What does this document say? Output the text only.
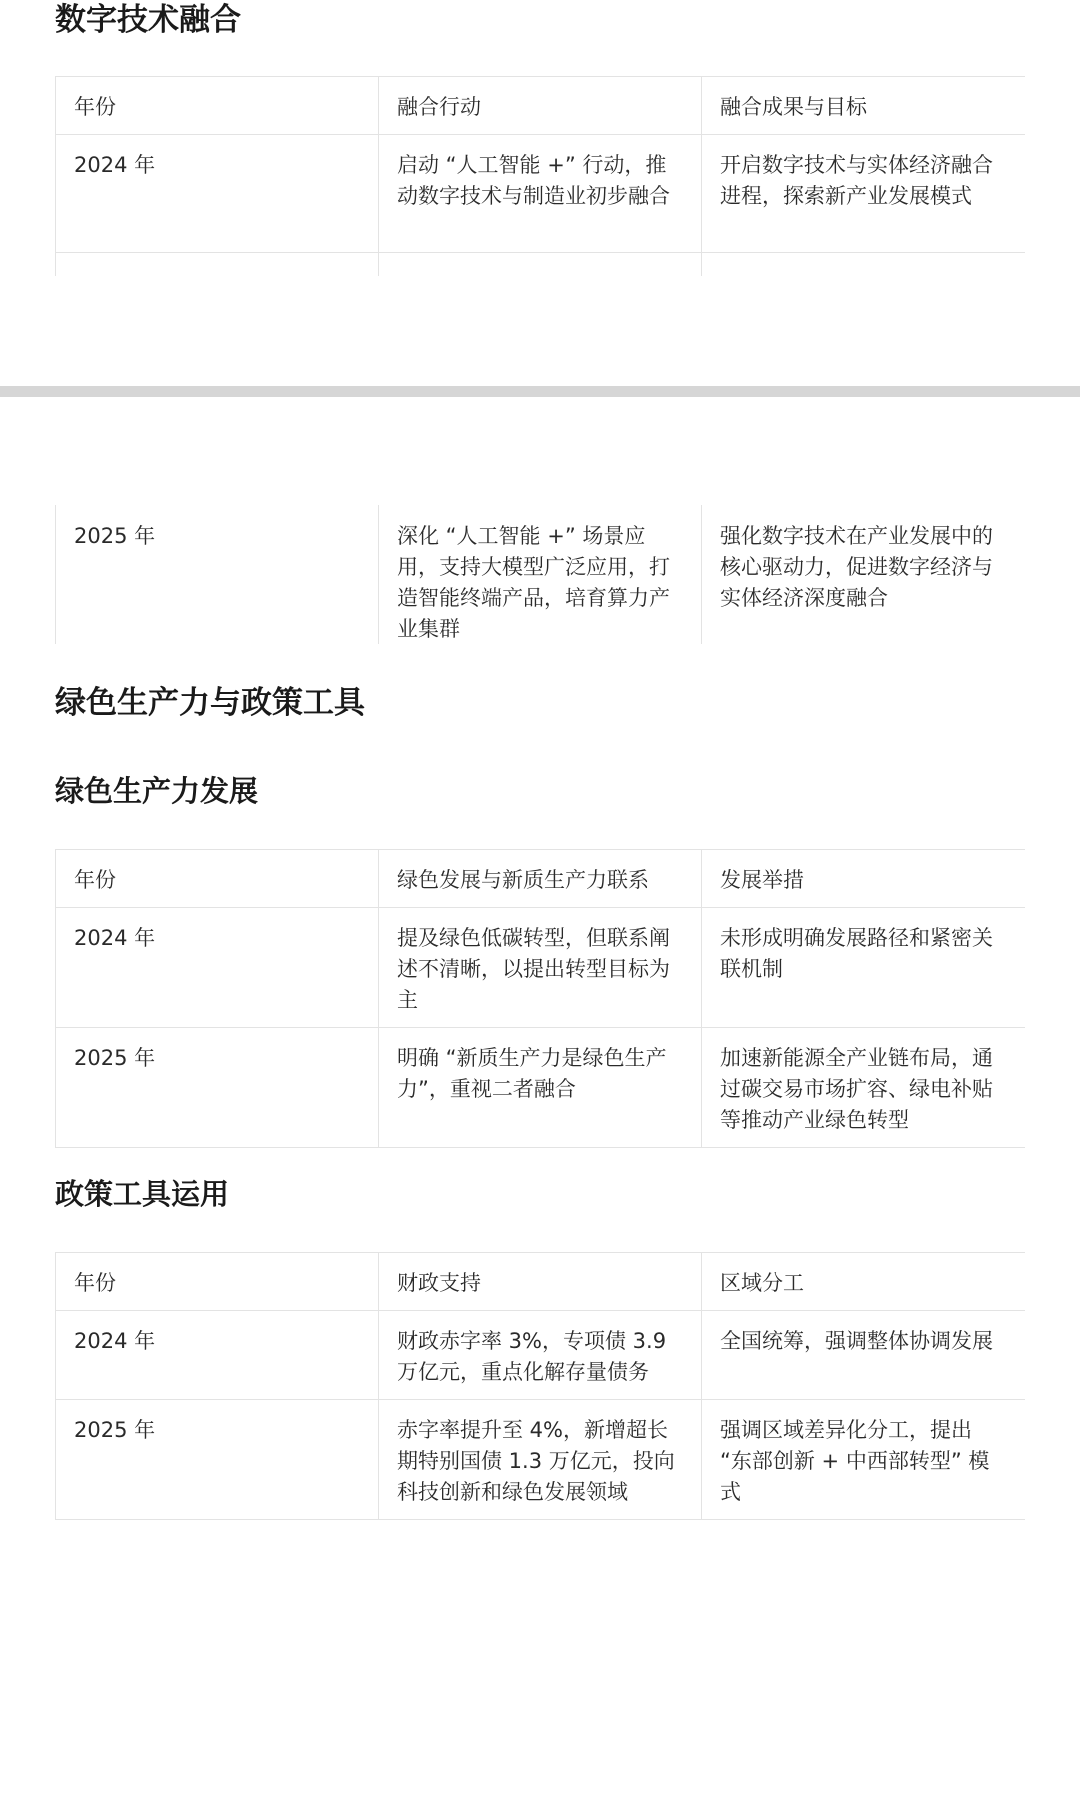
数字技术融合
年份	融合行动	融合成果与目标
2024 年	启动 “人工智能 +” 行动，推动数字技术与制造业初步融合	开启数字技术与实体经济融合进程，探索新产业发展模式

2025 年	深化 “人工智能 +” 场景应用，支持大模型广泛应用，打造智能终端产品，培育算力产业集群	强化数字技术在产业发展中的核心驱动力，促进数字经济与实体经济深度融合
绿色生产力与政策工具
绿色生产力发展
年份	绿色发展与新质生产力联系	发展举措
2024 年	提及绿色低碳转型，但联系阐述不清晰，以提出转型目标为主	未形成明确发展路径和紧密关联机制
2025 年	明确 “新质生产力是绿色生产力”，重视二者融合	加速新能源全产业链布局，通过碳交易市场扩容、绿电补贴等推动产业绿色转型
政策工具运用
年份	财政支持	区域分工
2024 年	财政赤字率 3%，专项债 3.9 万亿元，重点化解存量债务	全国统筹，强调整体协调发展
2025 年	赤字率提升至 4%，新增超长期特别国债 1.3 万亿元，投向科技创新和绿色发展领域	强调区域差异化分工，提出 “东部创新 + 中西部转型” 模式
